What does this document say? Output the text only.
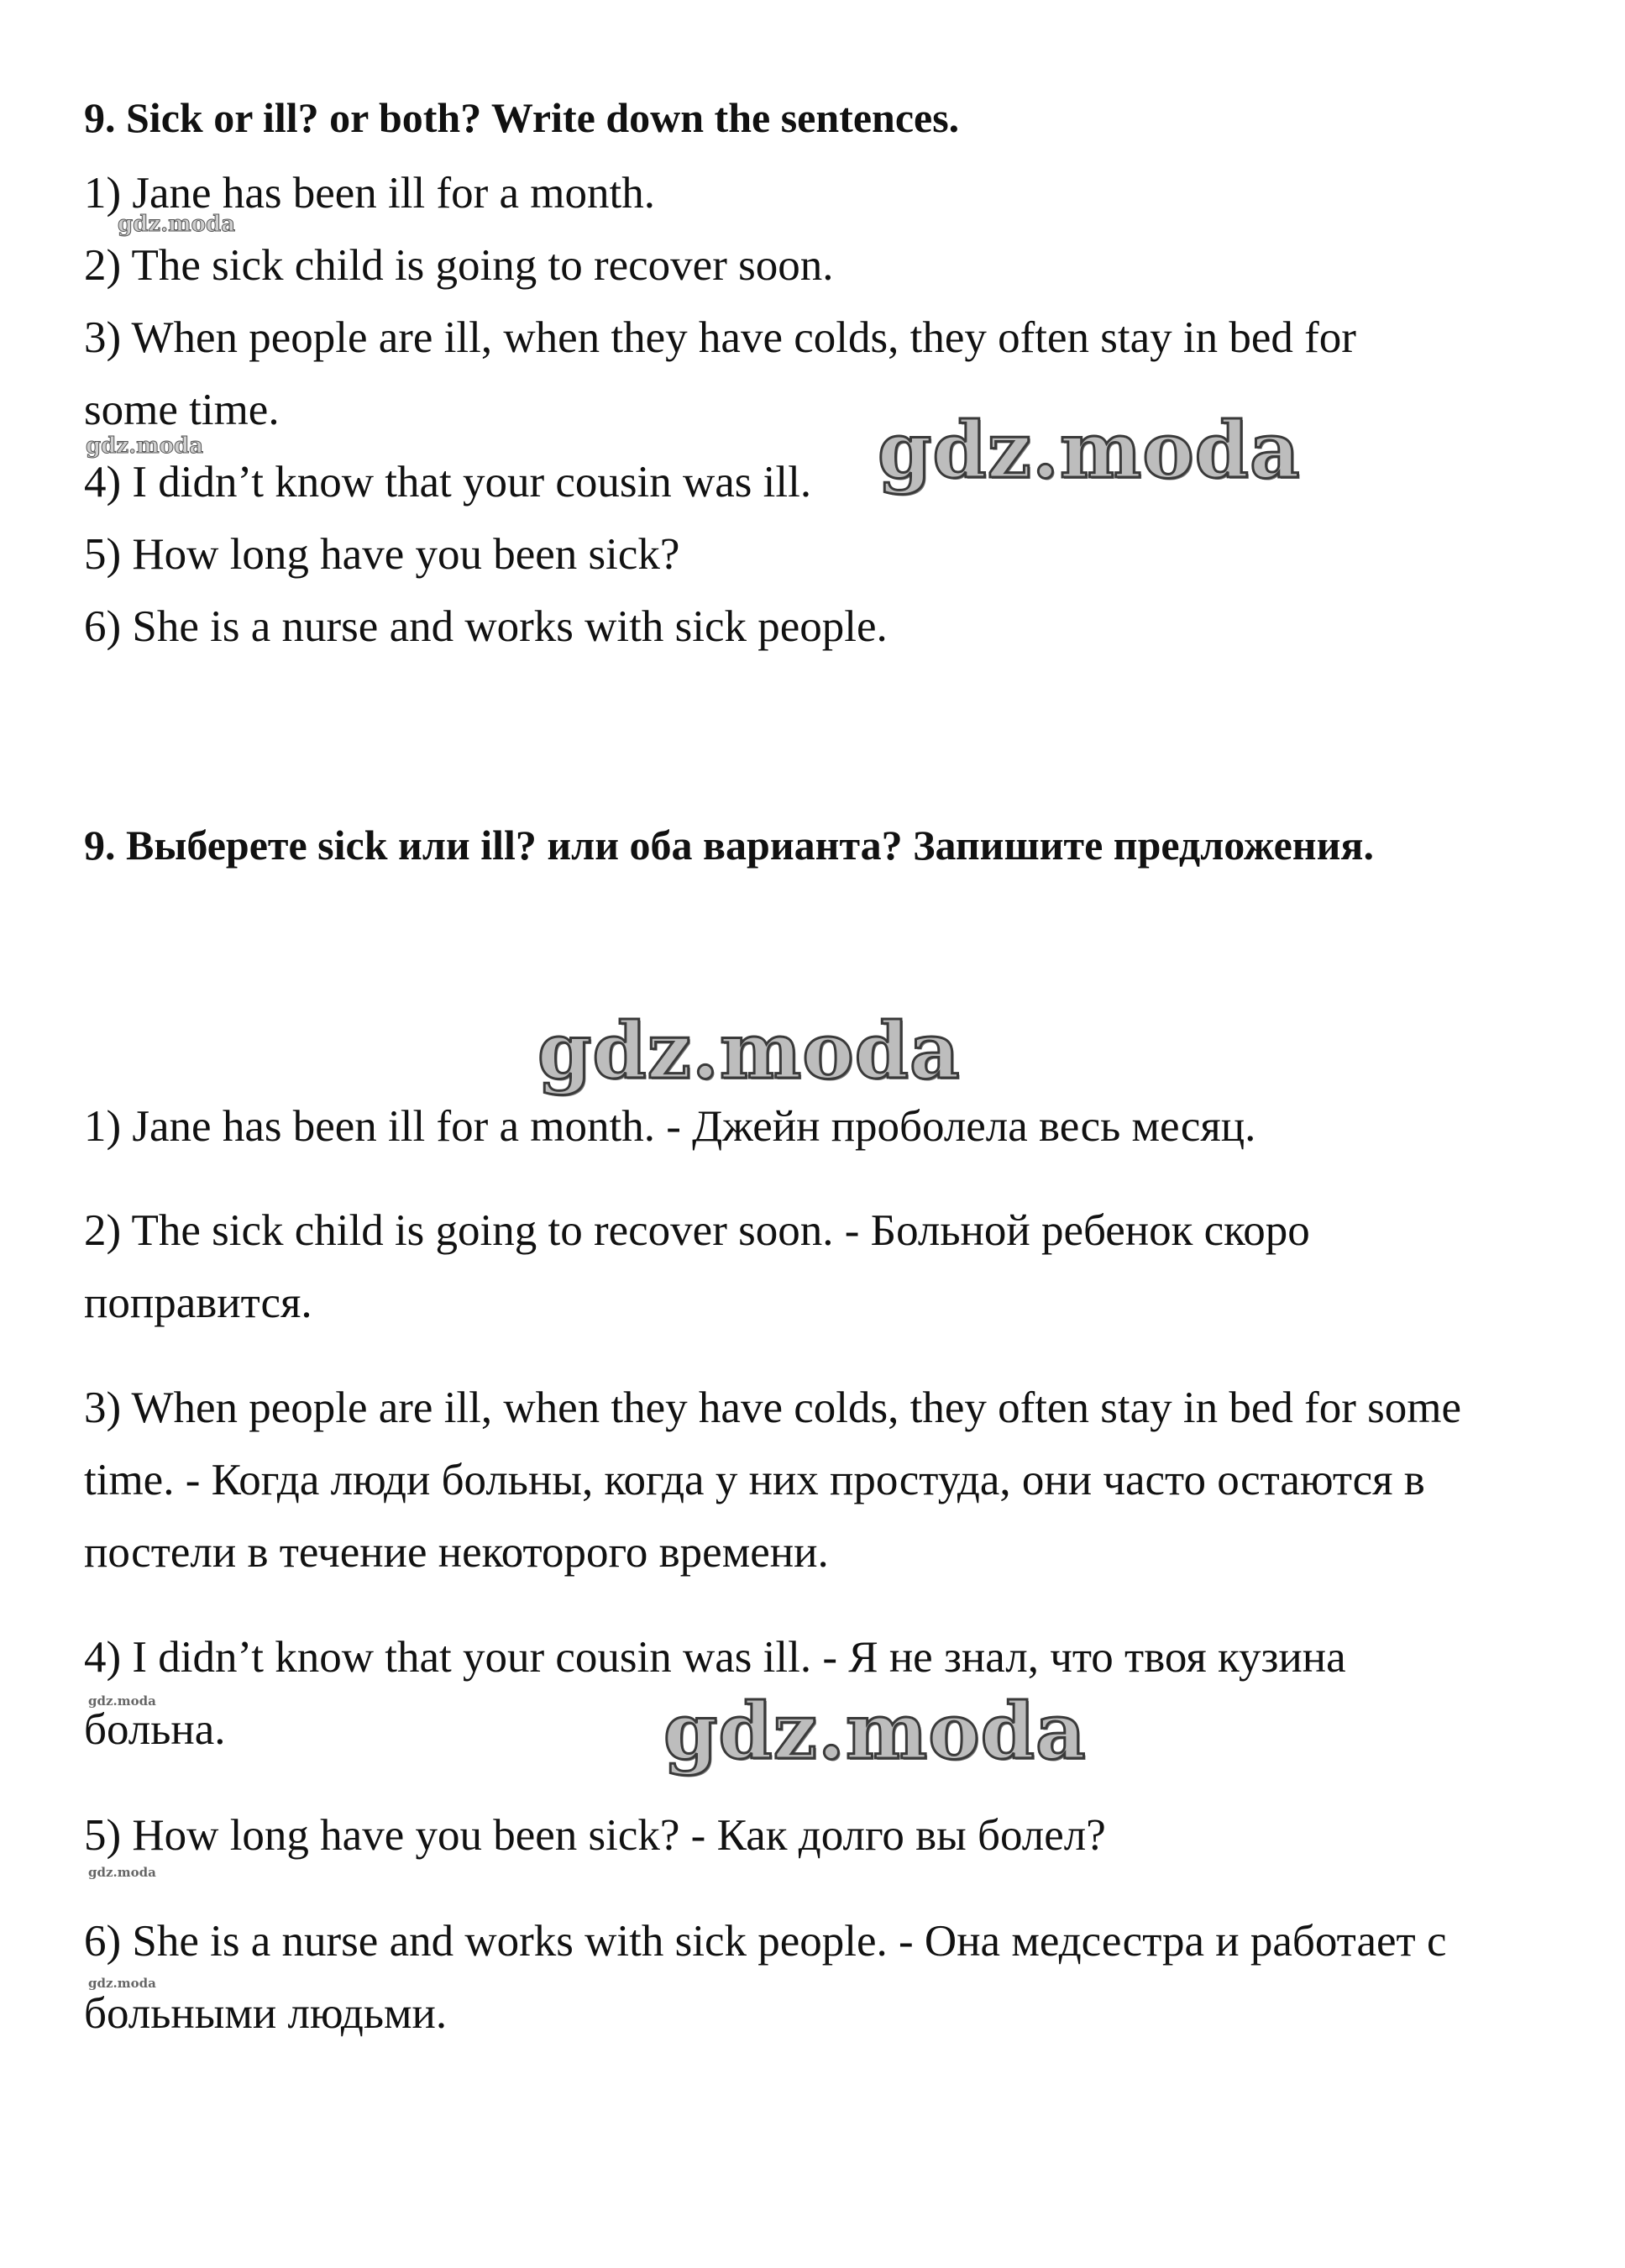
9. Sick or ill? or both? Write down the sentences.
1) Jane has been ill for a month.
2) The sick child is going to recover soon.
3) When people are ill, when they have colds, they often stay in bed for
some time.
4) I didn’t know that your cousin was ill.
5) How long have you been sick?
6) She is a nurse and works with sick people.
9. Выберете sick или ill? или оба варианта? Запишите предложения.
1) Jane has been ill for a month. - Джейн проболела весь месяц.
2) The sick child is going to recover soon. - Больной ребенок скоро поправится.
3) When people are ill, when they have colds, they often stay in bed for some time. - Когда люди больны, когда у них простуда, они часто остаются в постели в течение некоторого времени.
4) I didn’t know that your cousin was ill. - Я не знал, что твоя кузина больна.
5) How long have you been sick? - Как долго вы болел?
6) She is a nurse and works with sick people. - Она медсестра и работает с больными людьми.
gdz.moda
gdz.moda
gdz.moda
gdz.moda
gdz.moda
gdz.moda
gdz.moda
gdz.moda
